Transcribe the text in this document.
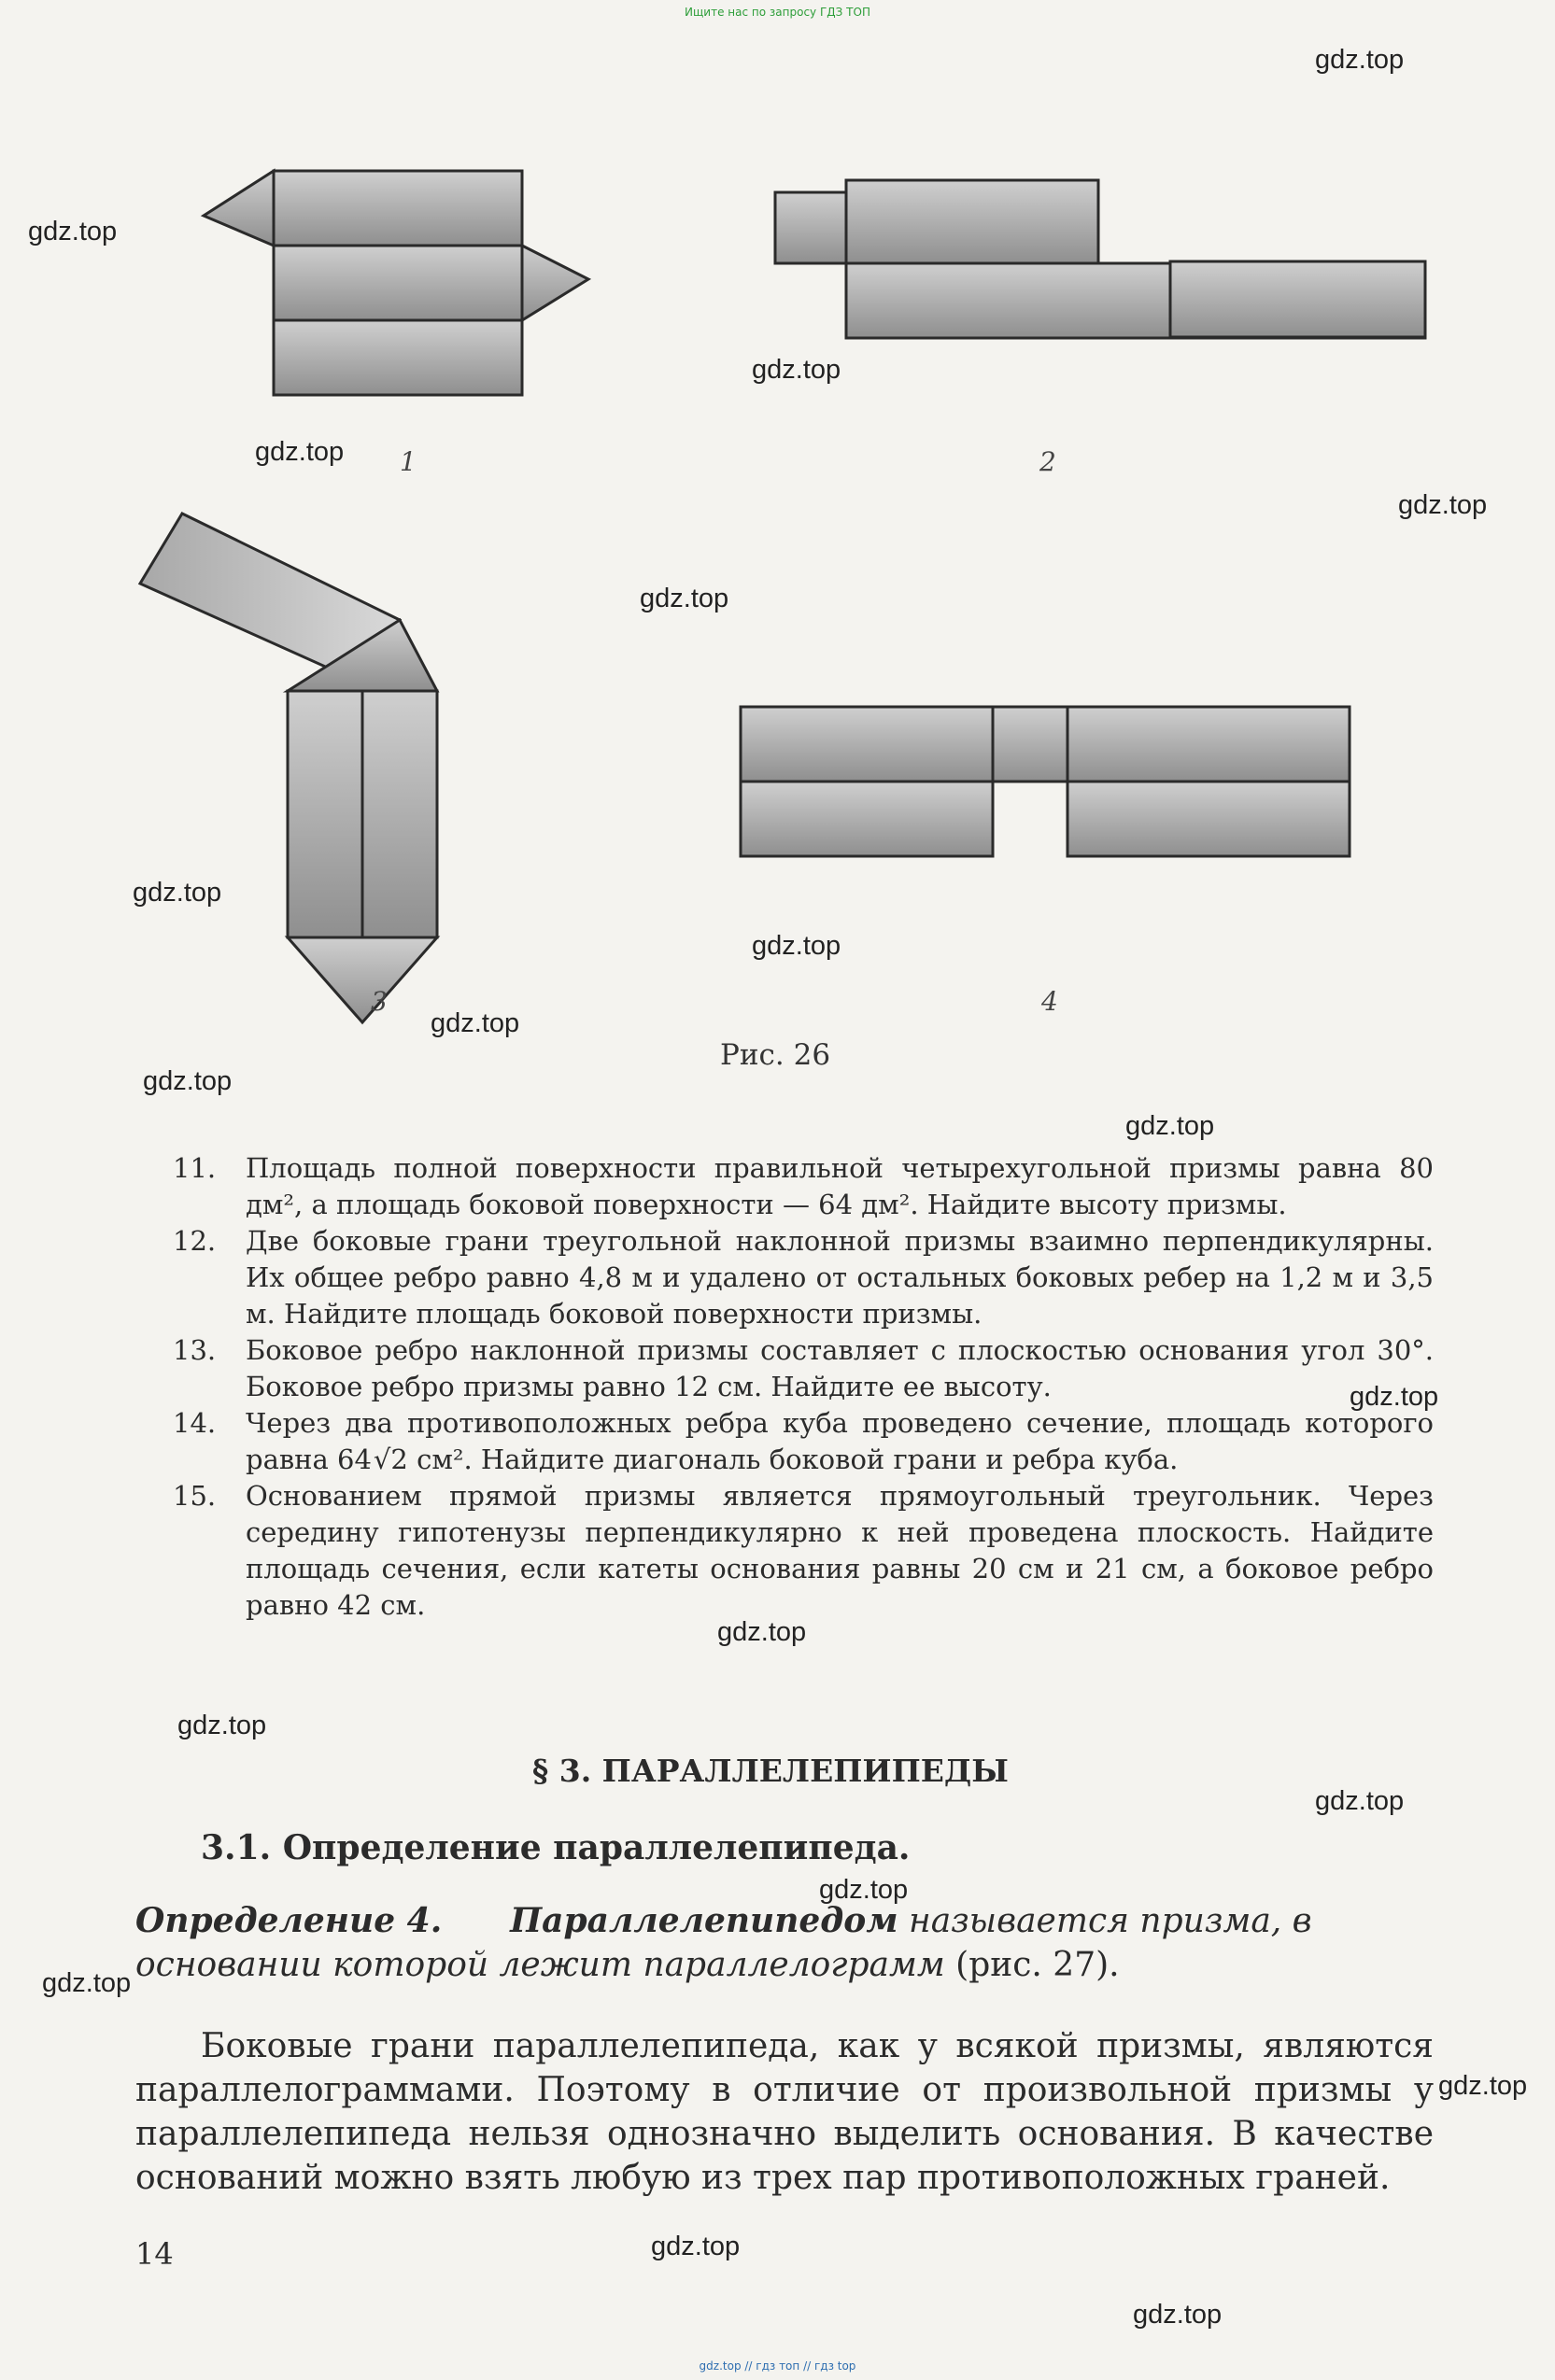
Ищите нас по запросу ГДЗ ТОП
1	2
3	4
Рис. 26
11.	Площадь полной поверхности правильной четырехугольной призмы равна 80 дм², а площадь боковой поверхности — 64 дм². Найдите высоту призмы.
12.	Две боковые грани треугольной наклонной призмы взаимно перпендикулярны. Их общее ребро равно 4,8 м и удалено от остальных боковых ребер на 1,2 м и 3,5 м. Найдите площадь боковой поверхности призмы.
13.	Боковое ребро наклонной призмы составляет с плоскостью основания угол 30°. Боковое ребро призмы равно 12 см. Найдите ее высоту.
14.	Через два противоположных ребра куба проведено сечение, площадь которого равна 64√2 см². Найдите диагональ боковой грани и ребра куба.
15.	Основанием прямой призмы является прямоугольный треугольник. Через середину гипотенузы перпендикулярно к ней проведена плоскость. Найдите площадь сечения, если катеты основания равны 20 см и 21 см, а боковое ребро равно 42 см.
§ 3. ПАРАЛЛЕЛЕПИПЕДЫ
3.1. Определение параллелепипеда.
Определение 4. Параллелепипедом называется призма, в основании которой лежит параллелограмм (рис. 27).
Боковые грани параллелепипеда, как у всякой призмы, являются параллелограммами. Поэтому в отличие от произвольной призмы у параллелепипеда нельзя однозначно выделить основания. В качестве оснований можно взять любую из трех пар противоположных граней.
14
gdz.top
gdz.top
gdz.top
gdz.top
gdz.top
gdz.top
gdz.top
gdz.top
gdz.top
gdz.top
gdz.top
gdz.top
gdz.top
gdz.top
gdz.top
gdz.top
gdz.top
gdz.top
gdz.top
gdz.top
gdz.top // гдз топ // гдз top
